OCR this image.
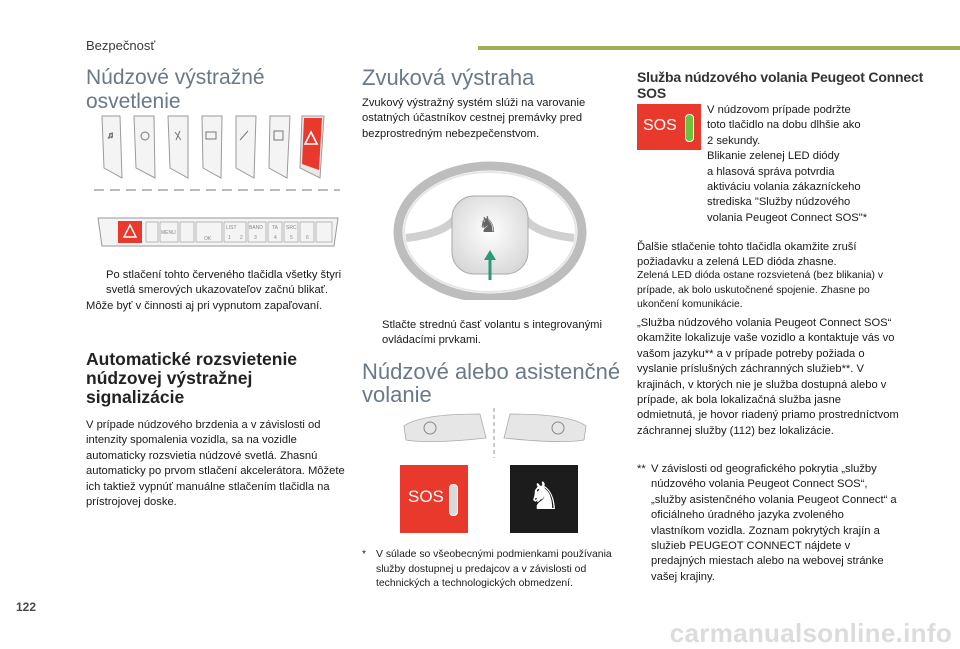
Bezpečnosť
Núdzové výstražné osvetlenie
♫
MENU
OK
LIST BAND TA SRC
1 2 3	4	5	6
Po stlačení tohto červeného tlačidla všetky štyri svetlá smerových ukazovateľov začnú blikať.
Môže byť v činnosti aj pri vypnutom zapaľovaní.
Automatické rozsvietenie núdzovej výstražnej signalizácie
V prípade núdzového brzdenia a v závislosti od intenzity spomalenia vozidla, sa na vozidle automaticky rozsvietia núdzové svetlá. Zhasnú automaticky po prvom stlačení akcelerátora. Môžete ich taktiež vypnúť manuálne stlačením tlačidla na prístrojovej doske.
Zvuková výstraha
Zvukový výstražný systém slúži na varovanie ostatných účastníkov cestnej premávky pred bezprostredným nebezpečenstvom.
♞
Stlačte strednú časť volantu s integrovanými ovládacími prvkami.
Núdzové alebo asistenčné volanie
SOS ♞
* V súlade so všeobecnými podmienkami používania služby dostupnej u predajcov a v závislosti od technických a technologických obmedzení.
Služba núdzového volania Peugeot Connect SOS
SOS
V núdzovom prípade podržte
toto tlačidlo na dobu dlhšie ako
2 sekundy.
Blikanie zelenej LED diódy
a hlasová správa potvrdia
aktiváciu volania zákazníckeho
strediska "Služby núdzového
volania Peugeot Connect SOS"*
Ďalšie stlačenie tohto tlačidla okamžite zruší požiadavku a zelená LED dióda zhasne.
Zelená LED dióda ostane rozsvietená (bez blikania) v prípade, ak bolo uskutočnené spojenie. Zhasne po ukončení komunikácie.
„Služba núdzového volania Peugeot Connect SOS“ okamžite lokalizuje vaše vozidlo a kontaktuje vás vo vašom jazyku** a v prípade potreby požiada o vyslanie príslušných záchranných služieb**. V krajinách, v ktorých nie je služba dostupná alebo v prípade, ak bola lokalizačná služba jasne odmietnutá, je hovor riadený priamo prostredníctvom záchrannej služby (112) bez lokalizácie.
** V závislosti od geografického pokrytia „služby núdzového volania Peugeot Connect SOS“, „služby asistenčného volania Peugeot Connect“ a oficiálneho úradného jazyka zvoleného vlastníkom vozidla. Zoznam pokrytých krajín a služieb PEUGEOT CONNECT nájdete v predajných miestach alebo na webovej stránke vašej krajiny.
122
carmanualsonline.info
